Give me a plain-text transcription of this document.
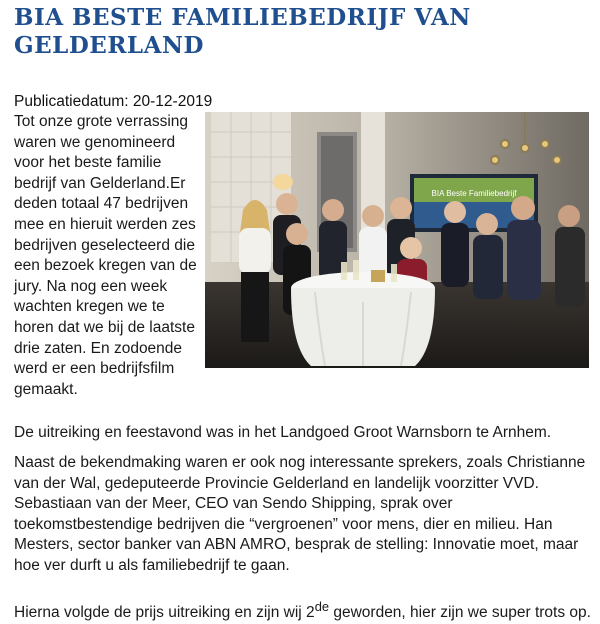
BIA BESTE FAMILIEBEDRIJF VAN GELDERLAND
Publicatiedatum: 20-12-2019
Tot onze grote verrassing
waren we genomineerd
voor het beste familie
bedrijf van Gelderland.Er
deden totaal 47 bedrijven
mee en hieruit werden zes
bedrijven geselecteerd die
een bezoek kregen van de
jury. Na nog een week
wachten kregen we te
horen dat we bij de laatste
drie zaten. En zodoende
werd er een bedrijfsfilm
gemaakt.
BIA Beste Familiebedrijf

De uitreiking en feestavond was in het Landgoed Groot Warnsborn te Arnhem.

Naast de bekendmaking waren er ook nog interessante sprekers, zoals Christianne
van der Wal, gedeputeerde Provincie Gelderland en landelijk voorzitter VVD.
Sebastiaan van der Meer, CEO van Sendo Shipping, sprak over
toekomstbestendige bedrijven die “vergroenen” voor mens, dier en milieu. Han
Mesters, sector banker van ABN AMRO, besprak de stelling: Innovatie moet, maar
hoe ver durft u als familiebedrijf te gaan.

Hierna volgde de prijs uitreiking en zijn wij 2de geworden, hier zijn we super trots op.
